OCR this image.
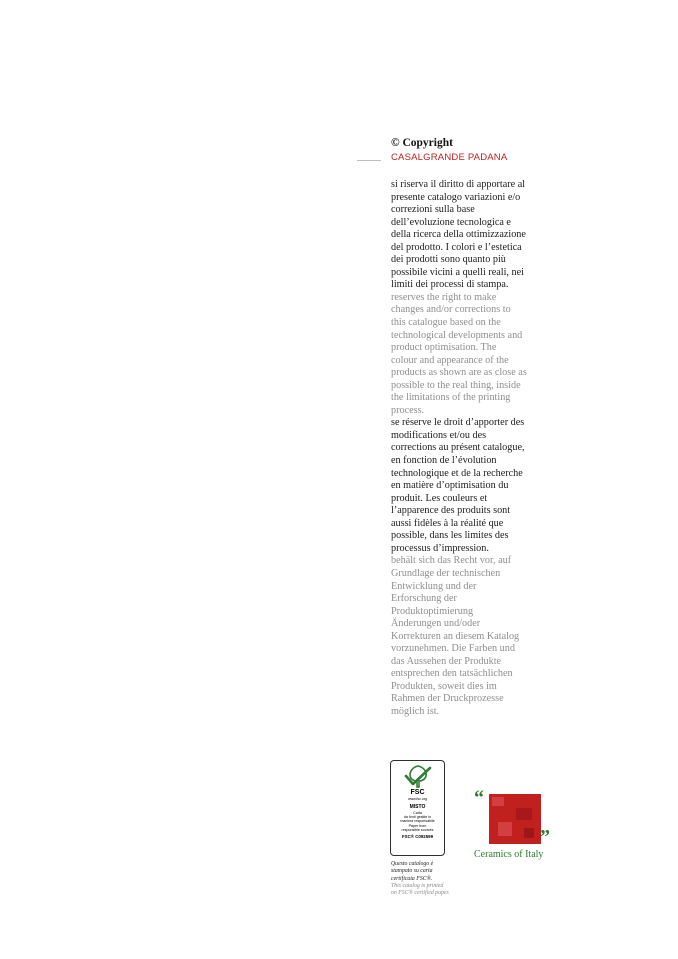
© Copyright
CASALGRANDE PADANA
si riserva il diritto di apportare al
presente catalogo variazioni e/o
correzioni sulla base
dell’evoluzione tecnologica e
della ricerca della ottimizzazione
del prodotto. I colori e l’estetica
dei prodotti sono quanto più
possibile vicini a quelli reali, nei
limiti dei processi di stampa.
reserves the right to make
changes and/or corrections to
this catalogue based on the
technological developments and
product optimisation. The
colour and appearance of the
products as shown are as close as
possible to the real thing, inside
the limitations of the printing
process.
se réserve le droit d’apporter des
modifications et/ou des
corrections au présent catalogue,
en fonction de l’évolution
technologique et de la recherche
en matière d’optimisation du
produit. Les couleurs et
l’apparence des produits sont
aussi fidèles à la réalité que
possible, dans les limites des
processus d’impression.
behält sich das Recht vor, auf
Grundlage der technischen
Entwicklung und der
Erforschung der
Produktoptimierung
Änderungen und/oder
Korrekturen an diesem Katalog
vorzunehmen. Die Farben und
das Aussehen der Produkte
entsprechen den tatsächlichen
Produkten, soweit dies im
Rahmen der Druckprozesse
möglich ist.
FSC
www.fsc.org
MISTO
Carta
da fonti gestite in
maniera responsabile
Paper from
responsible sources
FSC® C092599
Questo catalogo è
stampato su carta
certificata FSC®.
This catalog is printed
on FSC® certified paper.
“
”
Ceramics of Italy
